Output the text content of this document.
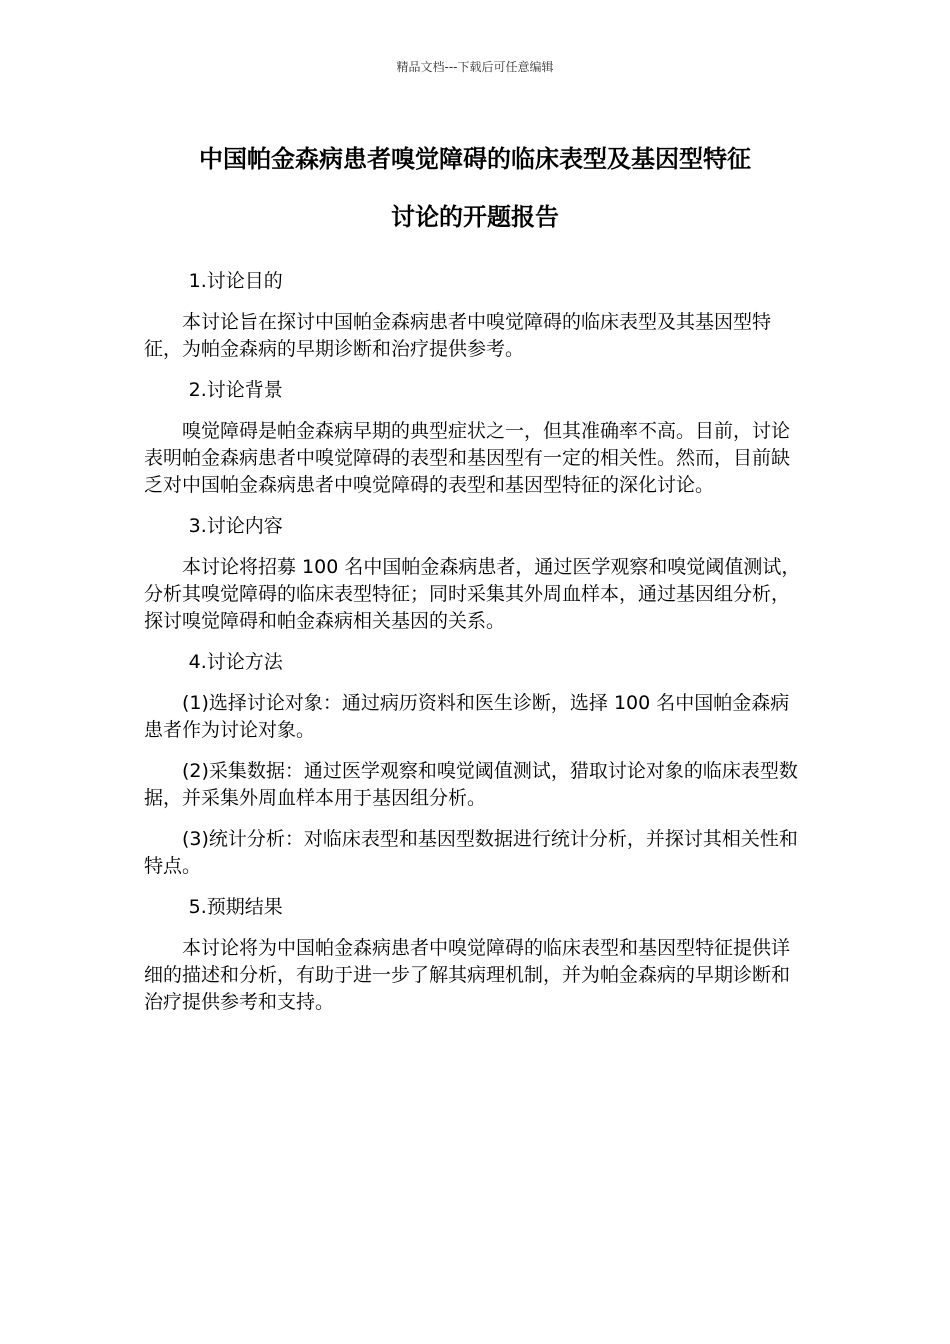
精品文档---下载后可任意编辑
中国帕金森病患者嗅觉障碍的临床表型及基因型特征
讨论的开题报告

1.讨论目的

本讨论旨在探讨中国帕金森病患者中嗅觉障碍的临床表型及其基因型特征，为帕金森病的早期诊断和治疗提供参考。

2.讨论背景

嗅觉障碍是帕金森病早期的典型症状之一，但其准确率不高。目前，讨论表明帕金森病患者中嗅觉障碍的表型和基因型有一定的相关性。然而，目前缺乏对中国帕金森病患者中嗅觉障碍的表型和基因型特征的深化讨论。

3.讨论内容

本讨论将招募 100 名中国帕金森病患者，通过医学观察和嗅觉阈值测试，分析其嗅觉障碍的临床表型特征；同时采集其外周血样本，通过基因组分析，探讨嗅觉障碍和帕金森病相关基因的关系。

4.讨论方法

(1)选择讨论对象：通过病历资料和医生诊断，选择 100 名中国帕金森病患者作为讨论对象。

(2)采集数据：通过医学观察和嗅觉阈值测试，猎取讨论对象的临床表型数据，并采集外周血样本用于基因组分析。

(3)统计分析：对临床表型和基因型数据进行统计分析，并探讨其相关性和特点。

5.预期结果

本讨论将为中国帕金森病患者中嗅觉障碍的临床表型和基因型特征提供详细的描述和分析，有助于进一步了解其病理机制，并为帕金森病的早期诊断和治疗提供参考和支持。
